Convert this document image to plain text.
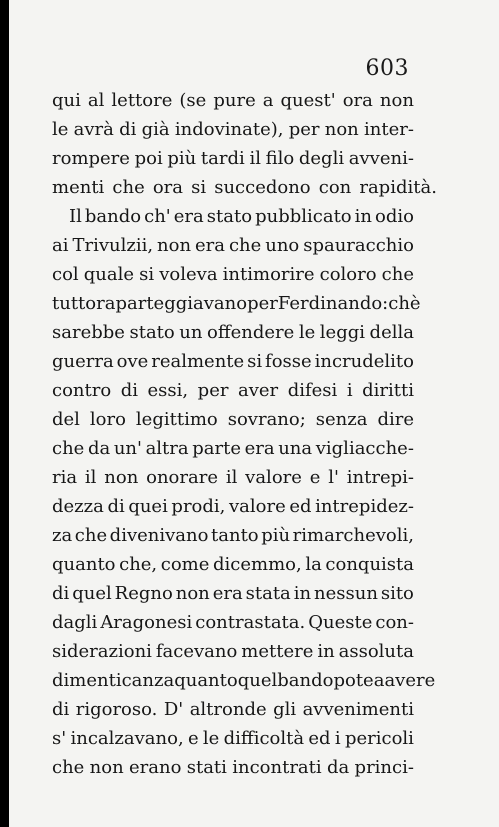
603
qui al lettore (se pure a quest' ora non
le avrà di già indovinate), per non inter-
rompere poi più tardi il filo degli avveni-
menti che ora si succedono con rapidità.
Il bando ch' era stato pubblicato in odio
ai Trivulzii, non era che uno spauracchio
col quale si voleva intimorire coloro che
tuttora parteggiavano per Ferdinando: chè
sarebbe stato un offendere le leggi della
guerra ove realmente si fosse incrudelito
contro di essi, per aver difesi i diritti
del loro legittimo sovrano; senza dire
che da un' altra parte era una vigliacche-
ria il non onorare il valore e l' intrepi-
dezza di quei prodi, valore ed intrepidez-
za che divenivano tanto più rimarchevoli,
quanto che, come dicemmo, la conquista
di quel Regno non era stata in nessun sito
dagli Aragonesi contrastata. Queste con-
siderazioni facevano mettere in assoluta
dimenticanza quanto quel bando potea avere
di rigoroso. D' altronde gli avvenimenti
s' incalzavano, e le difficoltà ed i pericoli
che non erano stati incontrati da princi-
